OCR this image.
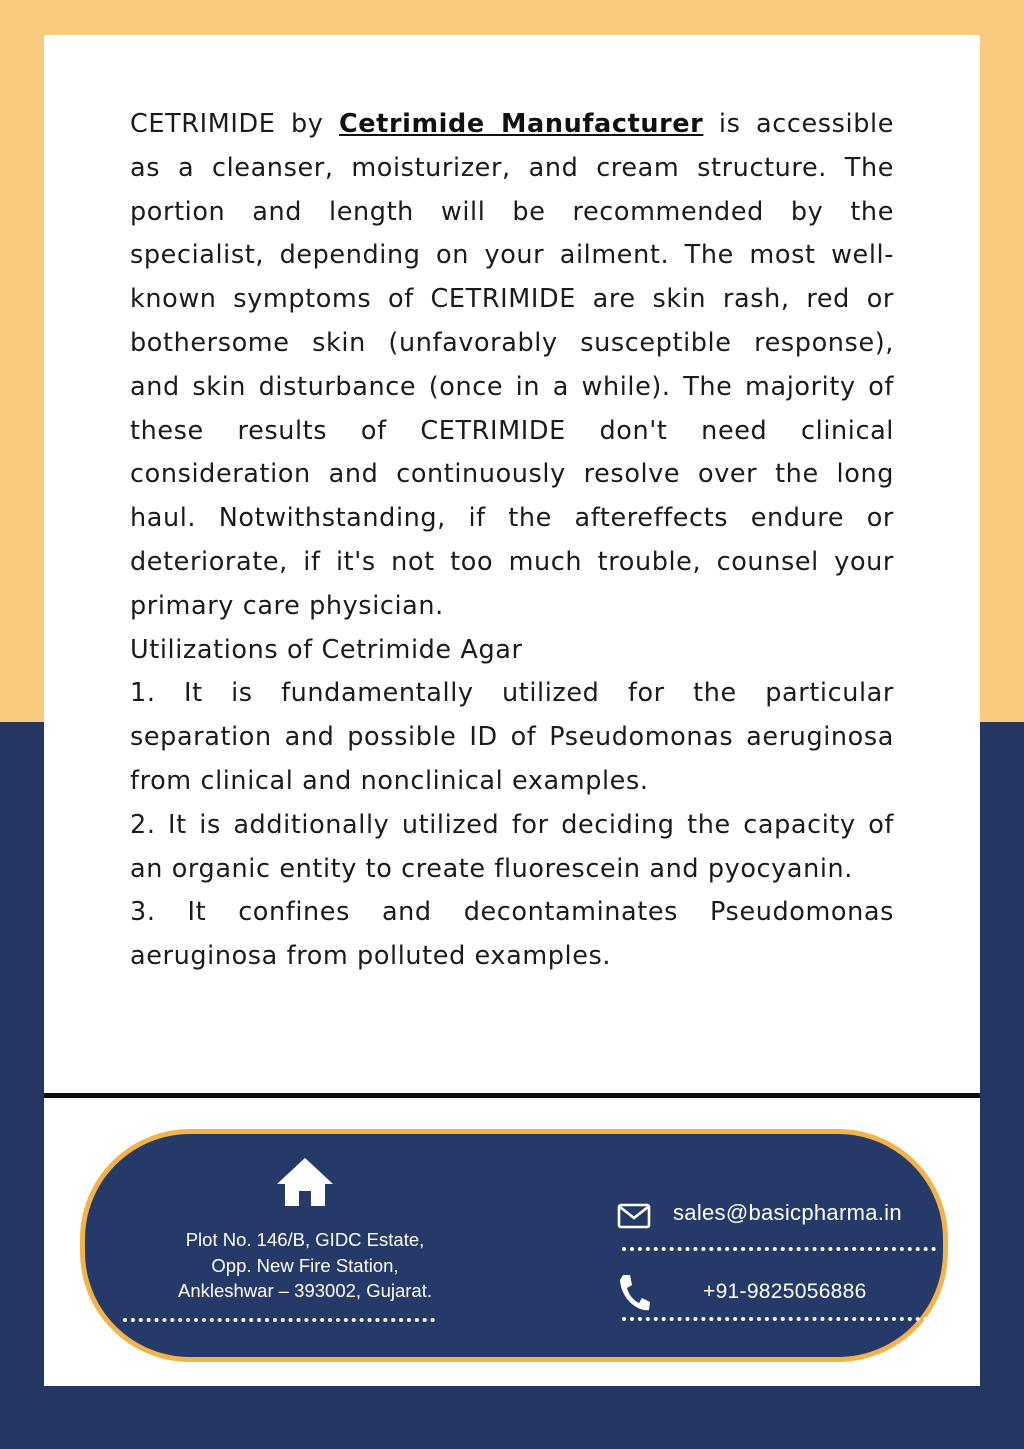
CETRIMIDE by Cetrimide Manufacturer is accessible as a cleanser, moisturizer, and cream structure. The portion and length will be recommended by the specialist, depending on your ailment. The most well-known symptoms of CETRIMIDE are skin rash, red or bothersome skin (unfavorably susceptible response), and skin disturbance (once in a while). The majority of these results of CETRIMIDE don't need clinical consideration and continuously resolve over the long haul. Notwithstanding, if the aftereffects endure or deteriorate, if it's not too much trouble, counsel your primary care physician.

Utilizations of Cetrimide Agar

1. It is fundamentally utilized for the particular separation and possible ID of Pseudomonas aeruginosa from clinical and nonclinical examples.

2. It is additionally utilized for deciding the capacity of an organic entity to create fluorescein and pyocyanin.

3. It confines and decontaminates Pseudomonas aeruginosa from polluted examples.

Plot No. 146/B, GIDC Estate,
Opp. New Fire Station,
Ankleshwar – 393002, Gujarat.
sales@basicpharma.in
+91-9825056886
